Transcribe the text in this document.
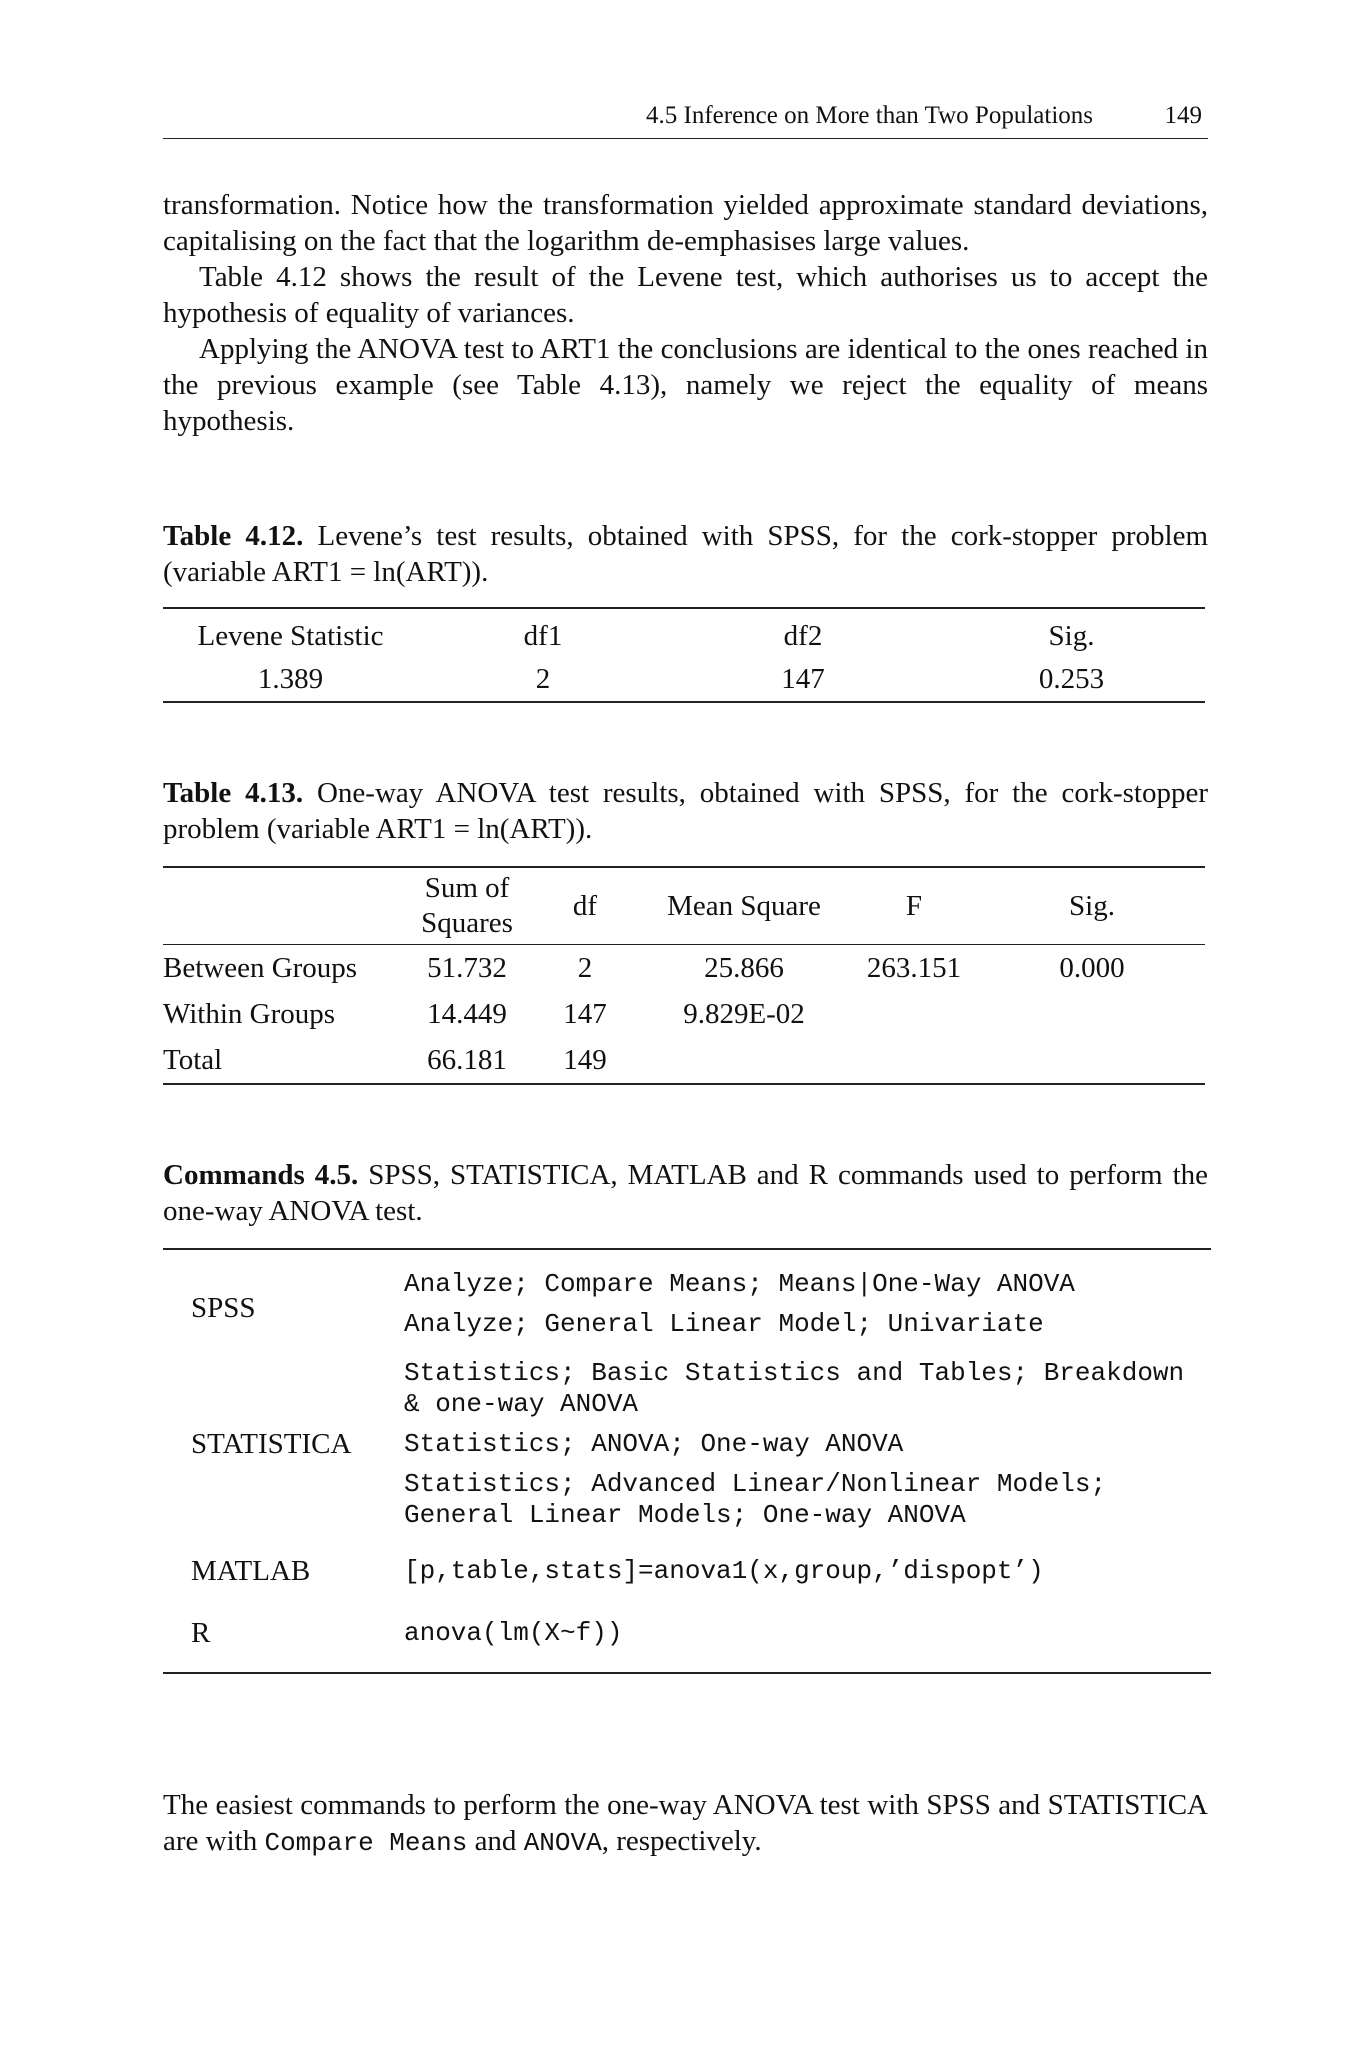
4.5 Inference on More than Two Populations	149

transformation. Notice how the transformation yielded approximate standard deviations, capitalising on the fact that the logarithm de-emphasises large values.

Table 4.12 shows the result of the Levene test, which authorises us to accept the hypothesis of equality of variances.

Applying the ANOVA test to ART1 the conclusions are identical to the ones reached in the previous example (see Table 4.13), namely we reject the equality of means hypothesis.

Table 4.12. Levene’s test results, obtained with SPSS, for the cork-stopper problem (variable ART1 = ln(ART)).
Levene Statistic	df1	df2	Sig.
1.389	2	147	0.253
Table 4.13. One-way ANOVA test results, obtained with SPSS, for the cork-stopper problem (variable ART1 = ln(ART)).
	Sum of Squares	df	Mean Square	F	Sig.
Between Groups	51.732	2	25.866	263.151	0.000
Within Groups	14.449	147	9.829E-02		
Total	66.181	149			
Commands 4.5. SPSS, STATISTICA, MATLAB and R commands used to perform the one-way ANOVA test.
SPSS	Analyze; Compare Means; Means|One-Way ANOVA
Analyze; General Linear Model; Univariate

STATISTICA	Statistics; Basic Statistics and Tables; Breakdown & one-way ANOVA
Statistics; ANOVA; One-way ANOVA
Statistics; Advanced Linear/Nonlinear Models; General Linear Models; One-way ANOVA

MATLAB	[p,table,stats]=anova1(x,group,’dispopt’)

R	anova(lm(X~f))

The easiest commands to perform the one-way ANOVA test with SPSS and STATISTICA are with Compare Means and ANOVA, respectively.
